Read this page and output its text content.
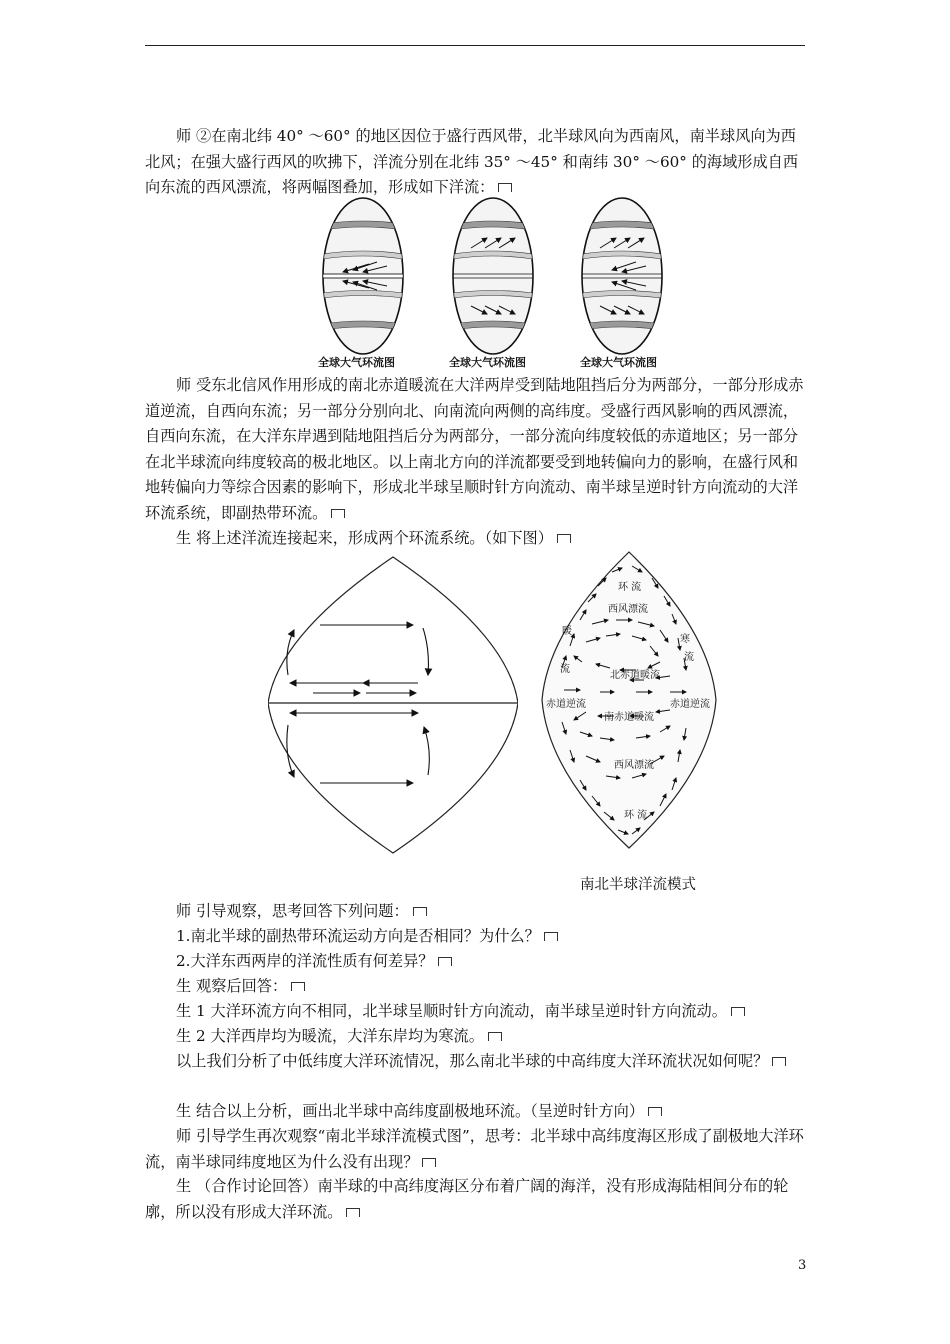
师 ②在南北纬 40° ～60° 的地区因位于盛行西风带，北半球风向为西南风，南半球风向为西北风；在强大盛行西风的吹拂下，洋流分别在北纬 35° ～45° 和南纬 30° ～60° 的海域形成自西向东流的西风漂流，将两幅图叠加，形成如下洋流：

全球大气环流图	全球大气环流图	全球大气环流图

师 受东北信风作用形成的南北赤道暖流在大洋两岸受到陆地阻挡后分为两部分，一部分形成赤道逆流，自西向东流；另一部分分别向北、向南流向两侧的高纬度。受盛行西风影响的西风漂流，自西向东流，在大洋东岸遇到陆地阻挡后分为两部分，一部分流向纬度较低的赤道地区；另一部分在北半球流向纬度较高的极北地区。以上南北方向的洋流都要受到地转偏向力的影响，在盛行风和地转偏向力等综合因素的影响下，形成北半球呈顺时针方向流动、南半球呈逆时针方向流动的大洋环流系统，即副热带环流。

生 将上述洋流连接起来，形成两个环流系统。（如下图）

环 流
西风漂流
暖
流
寒
流
北赤道暖流
赤道逆流	赤道逆流
南赤道暖流
西风漂流
环 流
南北半球洋流模式

师 引导观察，思考回答下列问题：

1.南北半球的副热带环流运动方向是否相同？为什么？

2.大洋东西两岸的洋流性质有何差异？

生 观察后回答：

生 1 大洋环流方向不相同，北半球呈顺时针方向流动，南半球呈逆时针方向流动。

生 2 大洋西岸均为暖流，大洋东岸均为寒流。

以上我们分析了中低纬度大洋环流情况，那么南北半球的中高纬度大洋环流状况如何呢？

生 结合以上分析，画出北半球中高纬度副极地环流。（呈逆时针方向）

师 引导学生再次观察“南北半球洋流模式图”，思考：北半球中高纬度海区形成了副极地大洋环流，南半球同纬度地区为什么没有出现？

生 （合作讨论回答）南半球的中高纬度海区分布着广阔的海洋，没有形成海陆相间分布的轮廓，所以没有形成大洋环流。

3
